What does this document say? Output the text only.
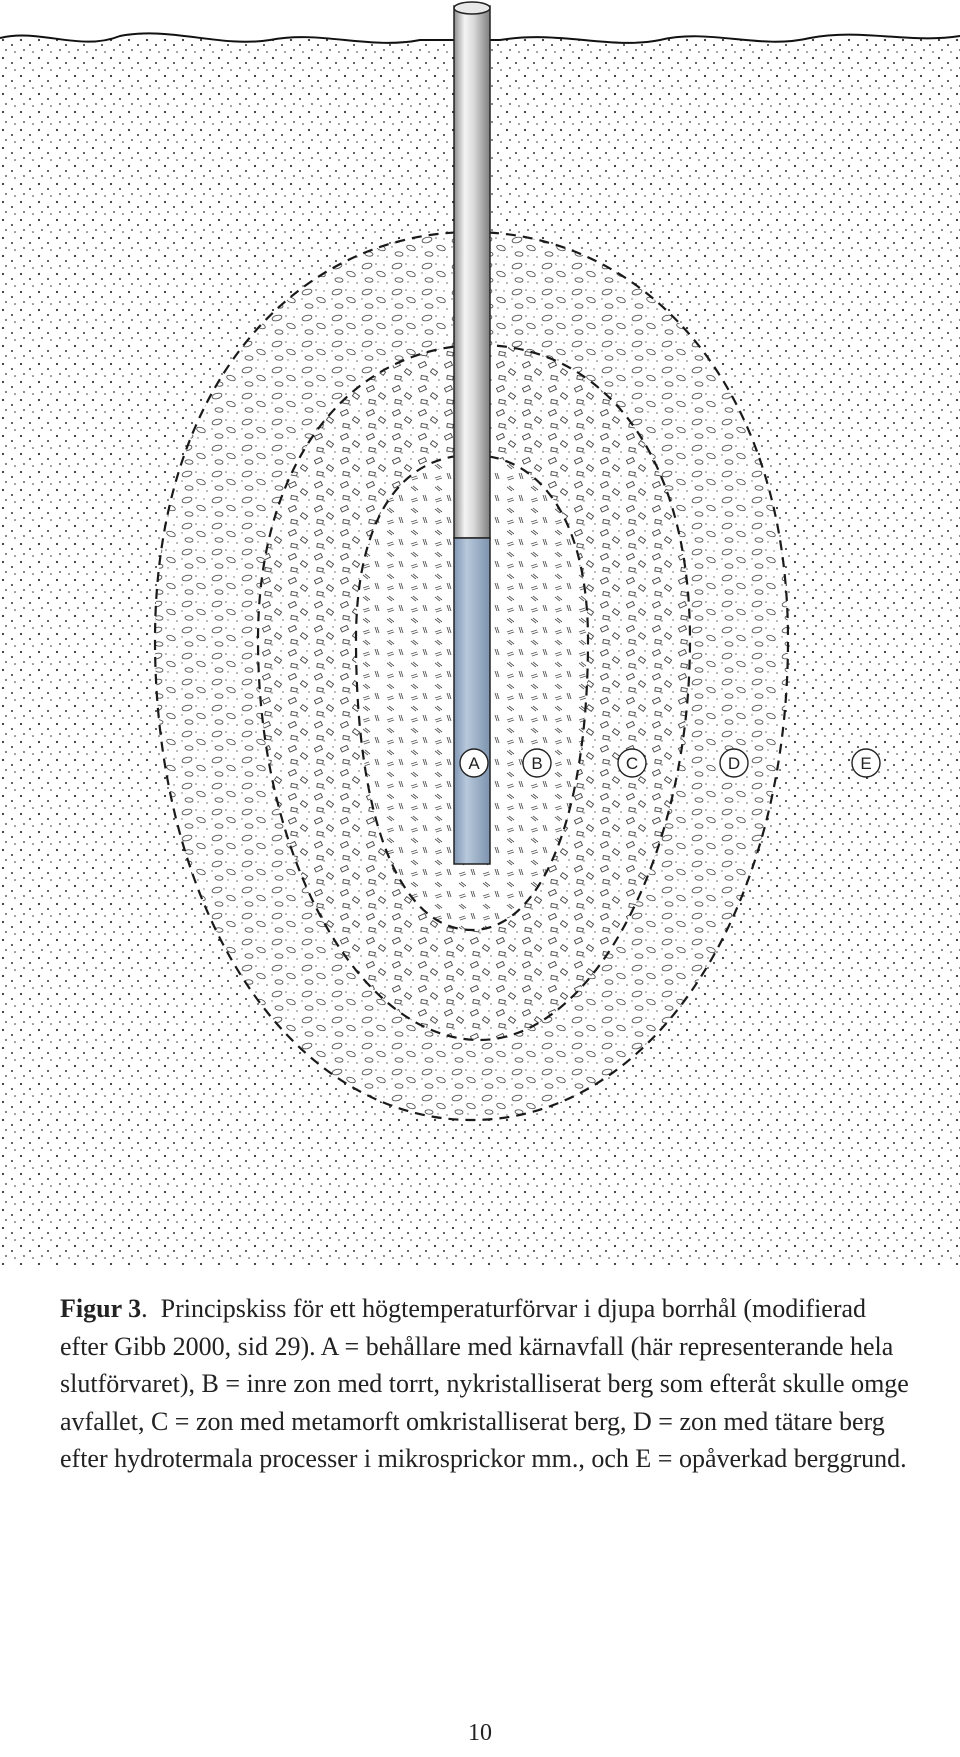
A	B	C	D	E
Figur 3. Principskiss för ett högtemperaturförvar i djupa borrhål (modifierad efter Gibb 2000, sid 29). A = behållare med kärnavfall (här representerande hela slutförvaret), B = inre zon med torrt, nykristalliserat berg som efteråt skulle omge avfallet, C = zon med metamorft omkristalliserat berg, D = zon med tätare berg efter hydrotermala processer i mikrosprickor mm., och E = opåverkad berggrund.
10
